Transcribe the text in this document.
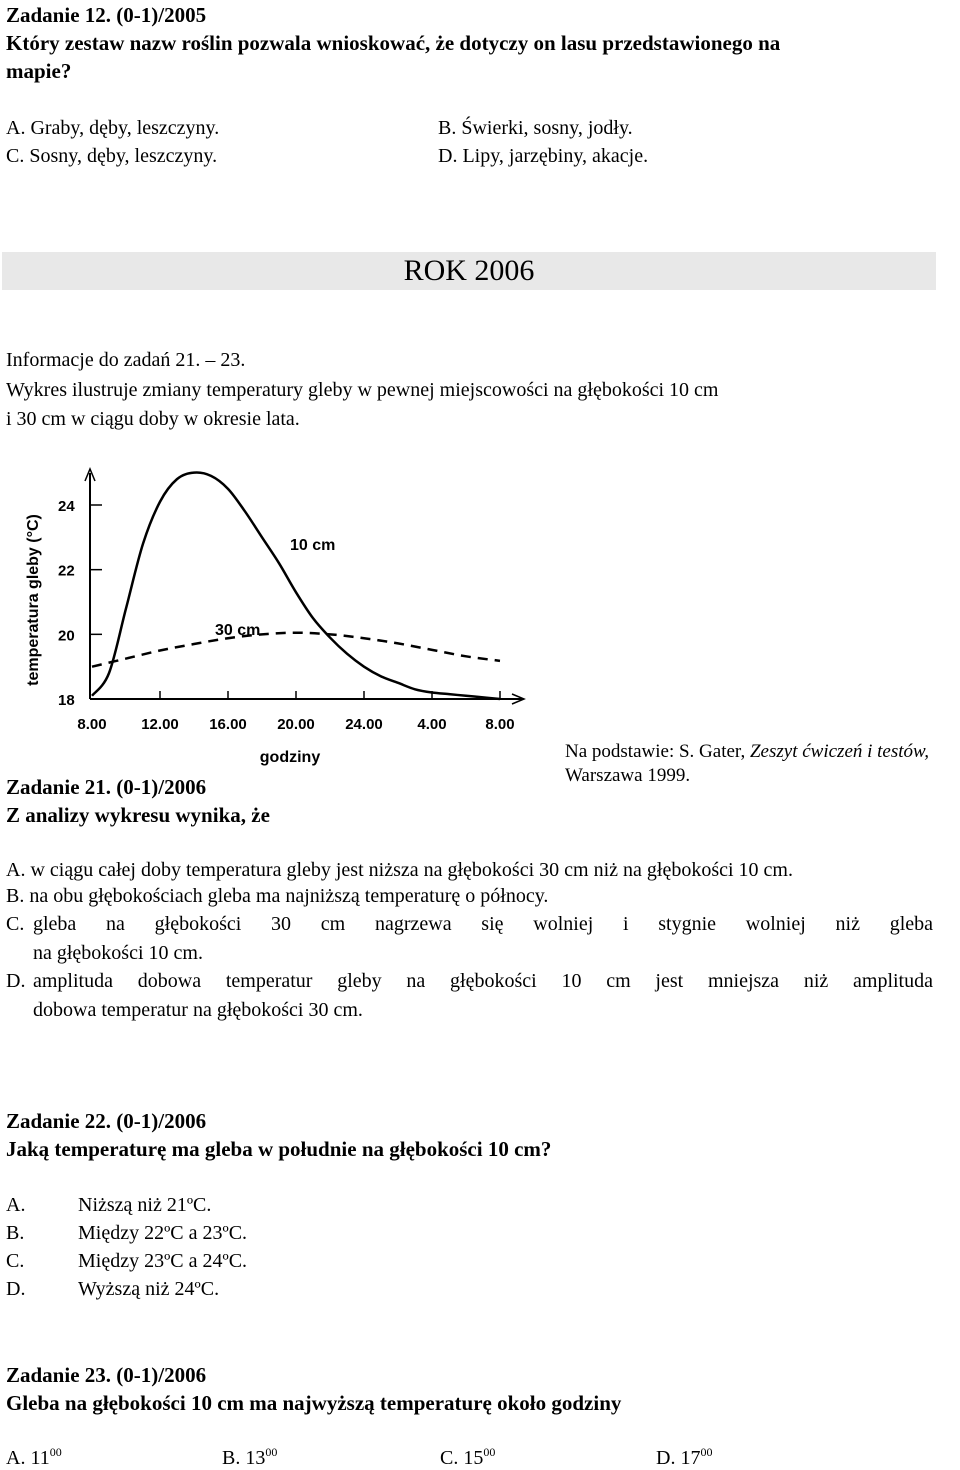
Zadanie 12. (0-1)/2005
Który zestaw nazw roślin pozwala wnioskować, że dotyczy on lasu przedstawionego na
mapie?
A. Graby, dęby, leszczyny.	B. Świerki, sosny, jodły.
C. Sosny, dęby, leszczyny.	D. Lipy, jarzębiny, akacje.
ROK 2006
Informacje do zadań 21. – 23.
Wykres ilustruje zmiany temperatury gleby w pewnej miejscowości na głębokości 10 cm
i 30 cm w ciągu doby w okresie lata.
18
20
22
24
8.00 12.00 16.00 20.00 24.00 4.00	8.00
10 cm
30 cm
temperatura gleby (°C)
godziny	Na podstawie: S. Gater, Zeszyt ćwiczeń i testów,
Warszawa 1999.
Zadanie 21. (0-1)/2006
Z analizy wykresu wynika, że
A. w ciągu całej doby temperatura gleby jest niższa na głębokości 30 cm niż na głębokości 10 cm.
B. na obu głębokościach gleba ma najniższą temperaturę o północy.
C. gleba na głębokości 30 cm nagrzewa się wolniej i stygnie wolniej niż gleba
na głębokości 10 cm.
D. amplituda dobowa temperatur gleby na głębokości 10 cm jest mniejsza niż amplituda
dobowa temperatur na głębokości 30 cm.
Zadanie 22. (0-1)/2006
Jaką temperaturę ma gleba w południe na głębokości 10 cm?
A.	Niższą niż 21ºC.
B.	Między 22ºC a 23ºC.
C.	Między 23ºC a 24ºC.
D.	Wyższą niż 24ºC.
Zadanie 23. (0-1)/2006
Gleba na głębokości 10 cm ma najwyższą temperaturę około godziny
A. $11^{00}$	B. $13^{00}$	C. $15^{00}$	D. $17^{00}$
